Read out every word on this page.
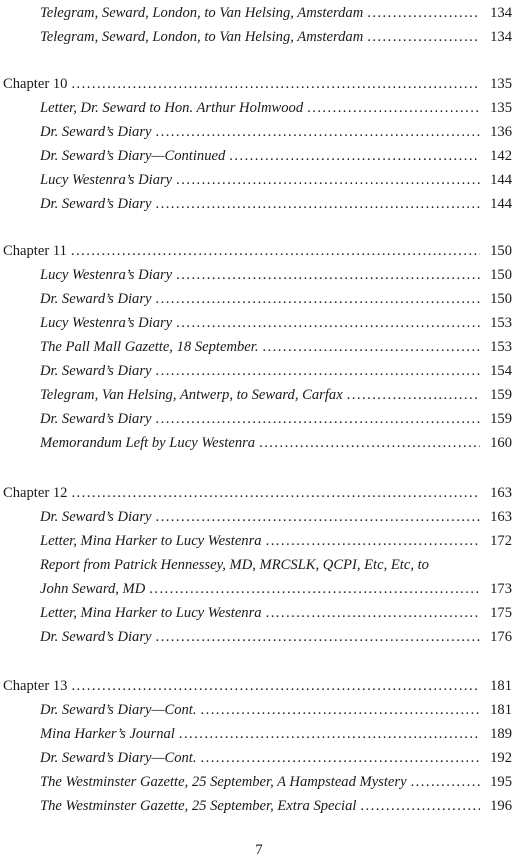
Telegram, Seward, London, to Van Helsing, Amsterdam . . .	134
Telegram, Seward, London, to Van Helsing, Amsterdam . . .	134
Chapter 10 . . .	135
Letter, Dr. Seward to Hon. Arthur Holmwood . . .	135
Dr. Seward’s Diary . . .	136
Dr. Seward’s Diary—Continued . . .	142
Lucy Westenra’s Diary . . .	144
Dr. Seward’s Diary . . .	144
Chapter 11 . . .	150
Lucy Westenra’s Diary . . .	150
Dr. Seward’s Diary . . .	150
Lucy Westenra’s Diary . . .	153
The Pall Mall Gazette, 18 September. . . .	153
Dr. Seward’s Diary . . .	154
Telegram, Van Helsing, Antwerp, to Seward, Carfax . . .	159
Dr. Seward’s Diary . . .	159
Memorandum Left by Lucy Westenra . . .	160
Chapter 12 . . .	163
Dr. Seward’s Diary . . .	163
Letter, Mina Harker to Lucy Westenra . . .	172
Report from Patrick Hennessey, MD, MRCSLK, QCPI, Etc, Etc, to
John Seward, MD . . .	173
Letter, Mina Harker to Lucy Westenra . . .	175
Dr. Seward’s Diary . . .	176
Chapter 13 . . .	181
Dr. Seward’s Diary—Cont. . . .	181
Mina Harker’s Journal . . .	189
Dr. Seward’s Diary—Cont. . . .	192
The Westminster Gazette, 25 September, A Hampstead Mystery . . .	195
The Westminster Gazette, 25 September, Extra Special . . .	196
7
